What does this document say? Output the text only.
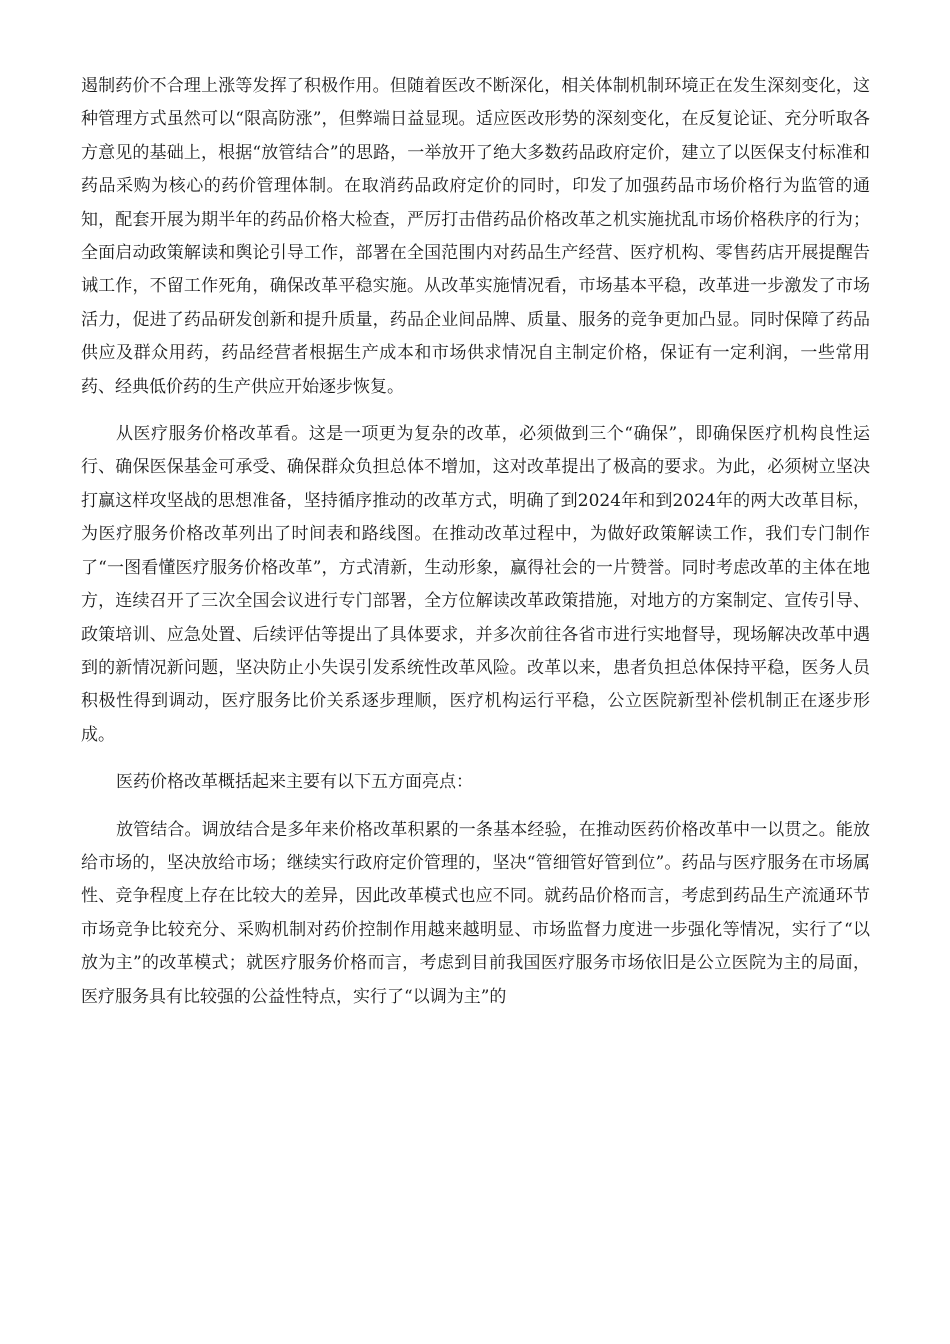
遏制药价不合理上涨等发挥了积极作用。但随着医改不断深化，相关体制机制环境正在发生深刻变化，这种管理方式虽然可以“限高防涨”，但弊端日益显现。适应医改形势的深刻变化，在反复论证、充分听取各方意见的基础上，根据“放管结合”的思路，一举放开了绝大多数药品政府定价，建立了以医保支付标准和药品采购为核心的药价管理体制。在取消药品政府定价的同时，印发了加强药品市场价格行为监管的通知，配套开展为期半年的药品价格大检查，严厉打击借药品价格改革之机实施扰乱市场价格秩序的行为；全面启动政策解读和舆论引导工作，部署在全国范围内对药品生产经营、医疗机构、零售药店开展提醒告诫工作，不留工作死角，确保改革平稳实施。从改革实施情况看，市场基本平稳，改革进一步激发了市场活力，促进了药品研发创新和提升质量，药品企业间品牌、质量、服务的竞争更加凸显。同时保障了药品供应及群众用药，药品经营者根据生产成本和市场供求情况自主制定价格，保证有一定利润，一些常用药、经典低价药的生产供应开始逐步恢复。

从医疗服务价格改革看。这是一项更为复杂的改革，必须做到三个“确保”，即确保医疗机构良性运行、确保医保基金可承受、确保群众负担总体不增加，这对改革提出了极高的要求。为此，必须树立坚决打赢这样攻坚战的思想准备，坚持循序推动的改革方式，明确了到2024年和到2024年的两大改革目标，为医疗服务价格改革列出了时间表和路线图。在推动改革过程中，为做好政策解读工作，我们专门制作了“一图看懂医疗服务价格改革”，方式清新，生动形象，赢得社会的一片赞誉。同时考虑改革的主体在地方，连续召开了三次全国会议进行专门部署，全方位解读改革政策措施，对地方的方案制定、宣传引导、政策培训、应急处置、后续评估等提出了具体要求，并多次前往各省市进行实地督导，现场解决改革中遇到的新情况新问题，坚决防止小失误引发系统性改革风险。改革以来，患者负担总体保持平稳，医务人员积极性得到调动，医疗服务比价关系逐步理顺，医疗机构运行平稳，公立医院新型补偿机制正在逐步形成。

医药价格改革概括起来主要有以下五方面亮点：

放管结合。调放结合是多年来价格改革积累的一条基本经验，在推动医药价格改革中一以贯之。能放给市场的，坚决放给市场；继续实行政府定价管理的，坚决“管细管好管到位”。药品与医疗服务在市场属性、竞争程度上存在比较大的差异，因此改革模式也应不同。就药品价格而言，考虑到药品生产流通环节市场竞争比较充分、采购机制对药价控制作用越来越明显、市场监督力度进一步强化等情况，实行了“以放为主”的改革模式；就医疗服务价格而言，考虑到目前我国医疗服务市场依旧是公立医院为主的局面，医疗服务具有比较强的公益性特点，实行了“以调为主”的
